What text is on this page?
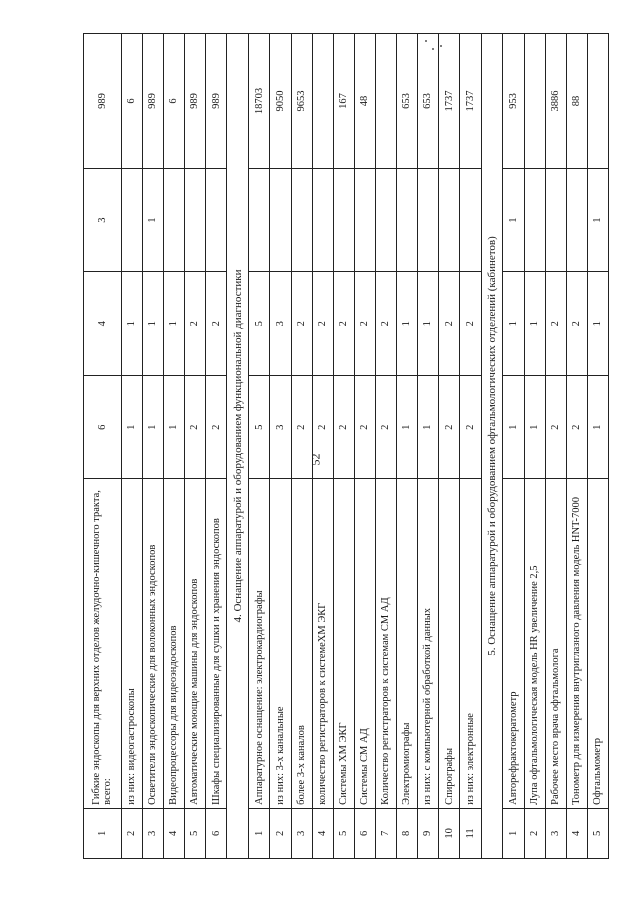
52
1	Гибкие эндоскопы для верхних отделов желудочно-кишечного тракта, всего:	6	4	3	989
2	из них: видеогастроскопы	1	1		6
3	Осветители эндоскопические для волоконных эндоскопов	1	1	1	989
4	Видеопроцессоры для видеоэндоскопов	1	1		6
5	Автоматические моющие машины для эндоскопов	2	2		989
6	Шкафы специализированные для сушки и хранения эндоскопов	2	2		989
4. Оснащение аппаратурой и оборудованием функциональной диагностики					
1	Аппаратурное оснащение: электрокардиографы	5	5		18703
2	из них: 3-х канальные	3	3		9050
3	более 3-х каналов	2	2		9653
4	количество регистраторов к системеХМ ЭКГ	2	2		
5	Системы ХМ ЭКГ	2	2		167
6	Системы СМ АД	2	2		48
7	Количество регистраторов к системам СМ АД	2	2		
8	Электромиографы	1	1		653
9	из них: с компьютерной обработкой данных	1	1		653
10	Спирографы	2	2		1737
11	из них: электронные	2	2		1737
5. Оснащение аппаратурой и оборудованием офтальмологических отделений (кабинетов)					
1	Авторефрактокератометр	1	1	1	953
2	Лупа офтальмологическая модель HR увеличение 2,5	1	1		
3	Рабочее место врача офтальмолога	2	2		3886
4	Тонометр для измерения внутриглазного давления модель HNT-7000	2	2		88
5	Офтальмометр	1	1	1	
